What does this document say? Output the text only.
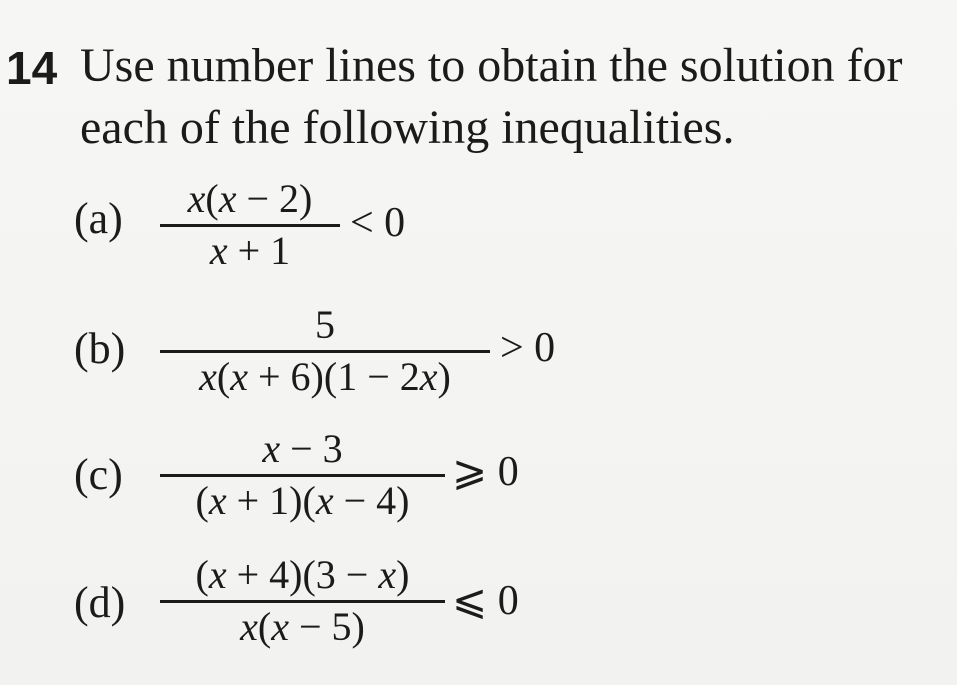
14 Use number lines to obtain the solution for
each of the following inequalities.
(a)	x(x − 2)
x + 1
< 0
(b)	5
x(x + 6)(1 − 2x)
> 0
(c)
x − 3
(x + 1)(x − 4)
⩾ 0
(d)
(x + 4)(3 − x)
x(x − 5)
⩽ 0
